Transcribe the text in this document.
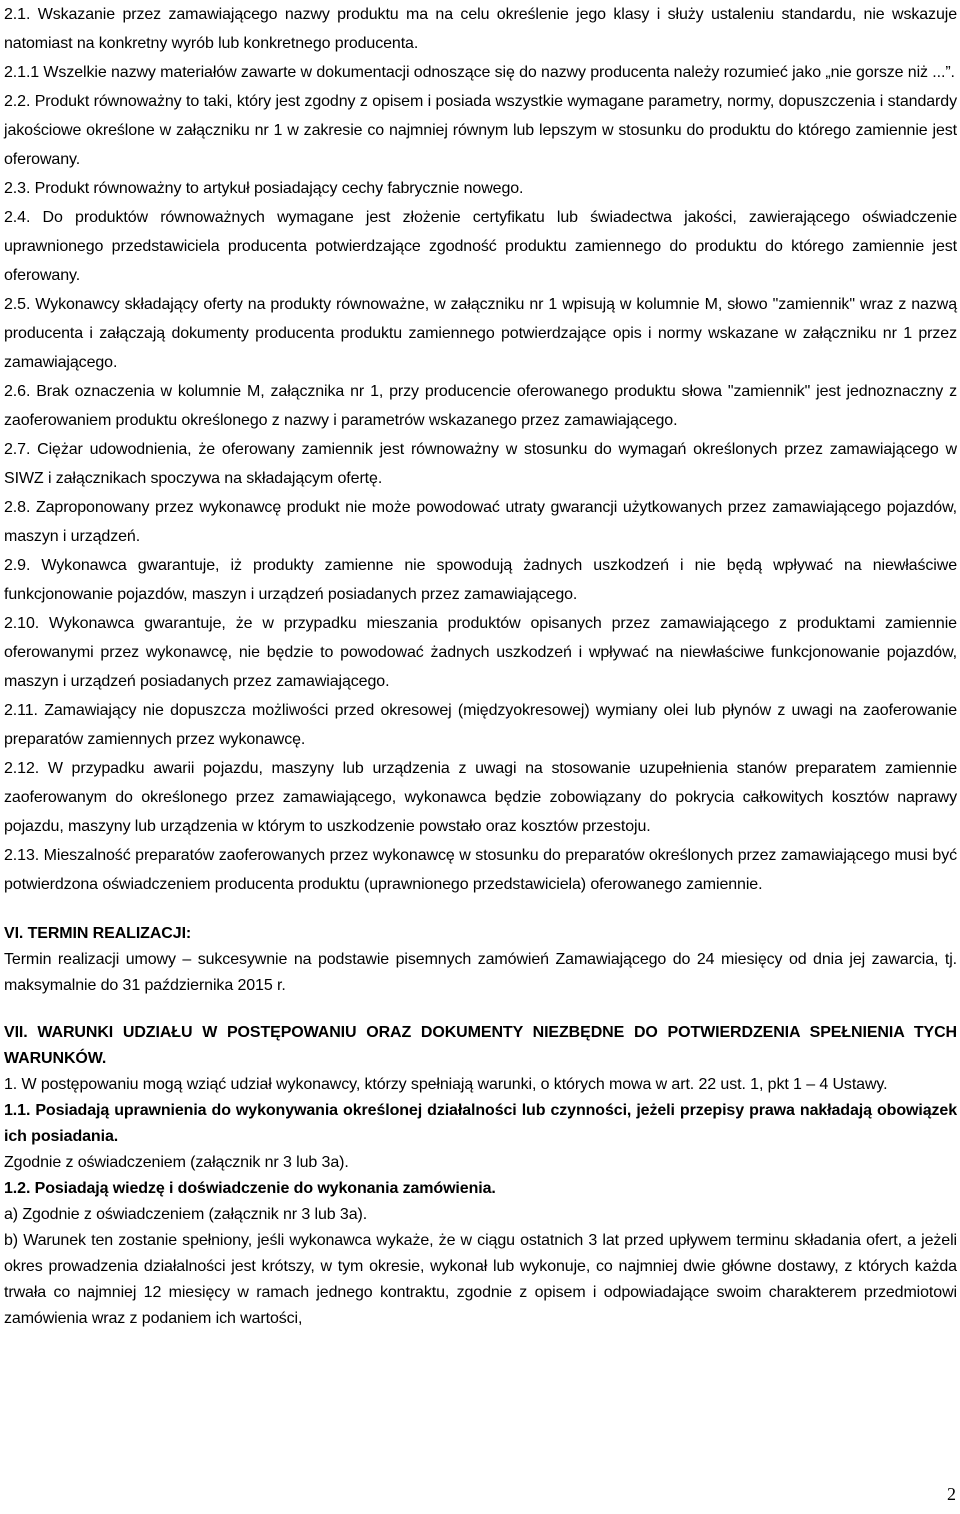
2.1. Wskazanie przez zamawiającego nazwy produktu ma na celu określenie jego klasy i służy ustaleniu standardu, nie wskazuje natomiast na konkretny wyrób lub konkretnego producenta.

2.1.1 Wszelkie nazwy materiałów zawarte w dokumentacji odnoszące się do nazwy producenta należy rozumieć jako „nie gorsze niż ...”.

2.2. Produkt równoważny to taki, który jest zgodny z opisem i posiada wszystkie wymagane parametry, normy, dopuszczenia i standardy jakościowe określone w załączniku nr 1 w zakresie co najmniej równym lub lepszym w stosunku do produktu do którego zamiennie jest oferowany.

2.3. Produkt równoważny to artykuł posiadający cechy fabrycznie nowego.

2.4. Do produktów równoważnych wymagane jest złożenie certyfikatu lub świadectwa jakości, zawierającego oświadczenie uprawnionego przedstawiciela producenta potwierdzające zgodność produktu zamiennego do produktu do którego zamiennie jest oferowany.

2.5. Wykonawcy składający oferty na produkty równoważne, w załączniku nr 1 wpisują w kolumnie M, słowo "zamiennik" wraz z nazwą producenta i załączają dokumenty producenta produktu zamiennego potwierdzające opis i normy wskazane w załączniku nr 1 przez zamawiającego.

2.6. Brak oznaczenia w kolumnie M, załącznika nr 1, przy producencie oferowanego produktu słowa "zamiennik" jest jednoznaczny z zaoferowaniem produktu określonego z nazwy i parametrów wskazanego przez zamawiającego.

2.7. Ciężar udowodnienia, że oferowany zamiennik jest równoważny w stosunku do wymagań określonych przez zamawiającego w SIWZ i załącznikach spoczywa na składającym ofertę.

2.8. Zaproponowany przez wykonawcę produkt nie może powodować utraty gwarancji użytkowanych przez zamawiającego pojazdów, maszyn i urządzeń.

2.9. Wykonawca gwarantuje, iż produkty zamienne nie spowodują żadnych uszkodzeń i nie będą wpływać na niewłaściwe funkcjonowanie pojazdów, maszyn i urządzeń posiadanych przez zamawiającego.

2.10. Wykonawca gwarantuje, że w przypadku mieszania produktów opisanych przez zamawiającego z produktami zamiennie oferowanymi przez wykonawcę, nie będzie to powodować żadnych uszkodzeń i wpływać na niewłaściwe funkcjonowanie pojazdów, maszyn i urządzeń posiadanych przez zamawiającego.

2.11. Zamawiający nie dopuszcza możliwości przed okresowej (międzyokresowej) wymiany olei lub płynów z uwagi na zaoferowanie preparatów zamiennych przez wykonawcę.

2.12. W przypadku awarii pojazdu, maszyny lub urządzenia z uwagi na stosowanie uzupełnienia stanów preparatem zamiennie zaoferowanym do określonego przez zamawiającego, wykonawca będzie zobowiązany do pokrycia całkowitych kosztów naprawy pojazdu, maszyny lub urządzenia w którym to uszkodzenie powstało oraz kosztów przestoju.

2.13. Mieszalność preparatów zaoferowanych przez wykonawcę w stosunku do preparatów określonych przez zamawiającego musi być potwierdzona oświadczeniem producenta produktu (uprawnionego przedstawiciela) oferowanego zamiennie.

VI. TERMIN REALIZACJI:

Termin realizacji umowy – sukcesywnie na podstawie pisemnych zamówień Zamawiającego do 24 miesięcy od dnia jej zawarcia, tj. maksymalnie do 31 października 2015 r.

VII. WARUNKI UDZIAŁU W POSTĘPOWANIU ORAZ DOKUMENTY NIEZBĘDNE DO POTWIERDZENIA SPEŁNIENIA TYCH WARUNKÓW.

1. W postępowaniu mogą wziąć udział wykonawcy, którzy spełniają warunki, o których mowa w art. 22 ust. 1, pkt 1 – 4 Ustawy.

1.1. Posiadają uprawnienia do wykonywania określonej działalności lub czynności, jeżeli przepisy prawa nakładają obowiązek ich posiadania.

Zgodnie z oświadczeniem (załącznik nr 3 lub 3a).

1.2. Posiadają wiedzę i doświadczenie do wykonania zamówienia.

a) Zgodnie z oświadczeniem (załącznik nr 3 lub 3a).

b) Warunek ten zostanie spełniony, jeśli wykonawca wykaże, że w ciągu ostatnich 3 lat przed upływem terminu składania ofert, a jeżeli okres prowadzenia działalności jest krótszy, w tym okresie, wykonał lub wykonuje, co najmniej dwie główne dostawy, z których każda trwała co najmniej 12 miesięcy w ramach jednego kontraktu, zgodnie z opisem i odpowiadające swoim charakterem przedmiotowi zamówienia wraz z podaniem ich wartości,

2
